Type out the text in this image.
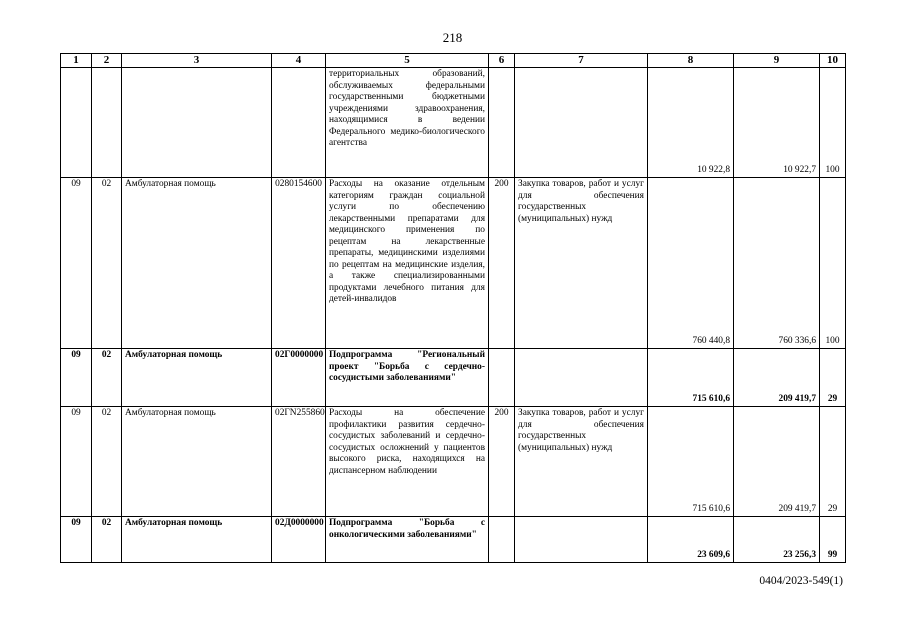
218
1	2	3	4	5	6	7	8	9	10
				территориальных образований, обслуживаемых федеральными государственными бюджетными учреждениями здравоохранения, находящимися в ведении Федерального медико-биологического агентства			10 922,8	10 922,7	100
09	02	Амбулаторная помощь	0280154600	Расходы на оказание отдельным категориям граждан социальной услуги по обеспечению лекарственными препаратами для медицинского применения по рецептам на лекарственные препараты, медицинскими изделиями по рецептам на медицинские изделия, а также специализированными продуктами лечебного питания для детей-инвалидов	200	Закупка товаров, работ и услуг для обеспечения государственных (муниципальных) нужд	760 440,8	760 336,6	100
09	02	Амбулаторная помощь	02Г0000000	Подпрограмма "Региональный проект "Борьба с сердечно-сосудистыми заболеваниями"			715 610,6	209 419,7	29
09	02	Амбулаторная помощь	02ГN255860	Расходы на обеспечение профилактики развития сердечно-сосудистых заболеваний и сердечно-сосудистых осложнений у пациентов высокого риска, находящихся на диспансерном наблюдении	200	Закупка товаров, работ и услуг для обеспечения государственных (муниципальных) нужд	715 610,6	209 419,7	29
09	02	Амбулаторная помощь	02Д0000000	Подпрограмма "Борьба с онкологическими заболеваниями"			23 609,6	23 256,3	99
0404/2023-549(1)
